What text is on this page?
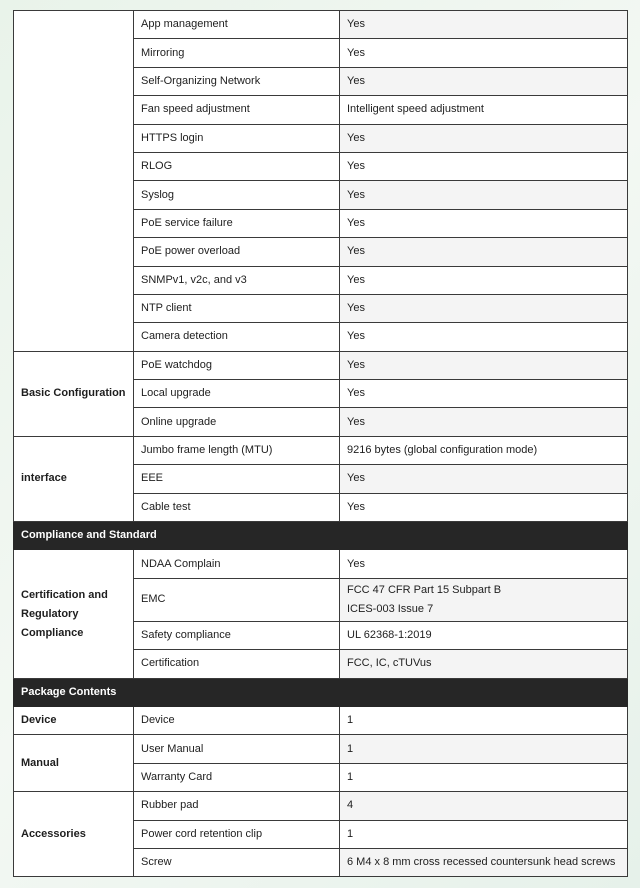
	App management	Yes
	Mirroring	Yes
	Self-Organizing Network	Yes
	Fan speed adjustment	Intelligent speed adjustment
	HTTPS login	Yes
	RLOG	Yes
	Syslog	Yes
	PoE service failure	Yes
	PoE power overload	Yes
	SNMPv1, v2c, and v3	Yes
	NTP client	Yes
	Camera detection	Yes
Basic Configuration	PoE watchdog	Yes
	Local upgrade	Yes
	Online upgrade	Yes
interface	Jumbo frame length (MTU)	9216 bytes (global configuration mode)
	EEE	Yes
	Cable test	Yes
Compliance and Standard		

Certification and
Regulatory
Compliance	NDAA Complain	Yes
	EMC	FCC 47 CFR Part 15 Subpart B
ICES-003 Issue 7

	Safety compliance	UL 62368-1:2019
	Certification	FCC, IC, cTUVus
Package Contents		
Device	Device	1
Manual	User Manual	1
	Warranty Card	1
Accessories	Rubber pad	4
	Power cord retention clip	1
	Screw	6 M4 x 8 mm cross recessed countersunk head screws
